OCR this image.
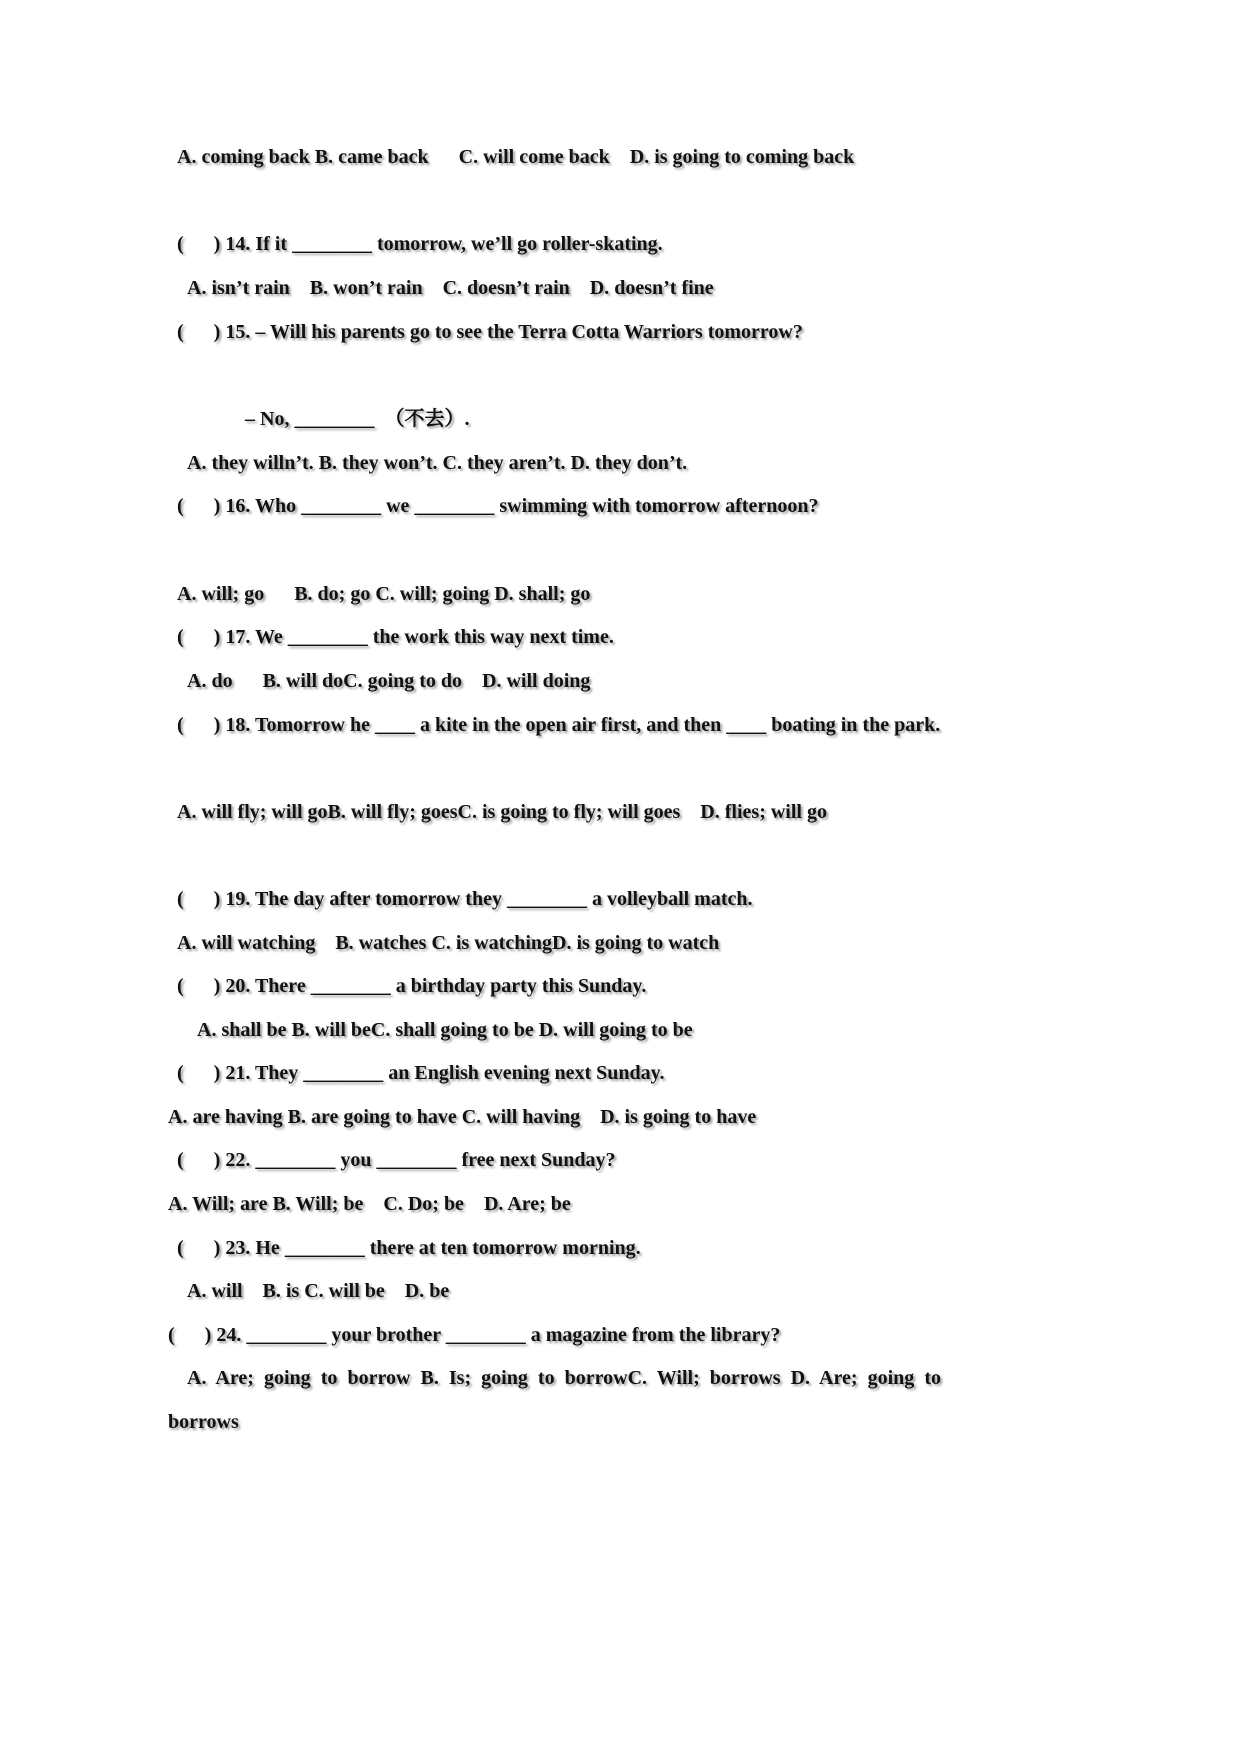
A. coming back B. came back      C. will come back    D. is going to coming back
(      ) 14. If it ________ tomorrow, we’ll go roller-skating.
A. isn’t rain    B. won’t rain    C. doesn’t rain    D. doesn’t fine
(      ) 15. – Will his parents go to see the Terra Cotta Warriors tomorrow?
– No, ________  （不去）.
A. they willn’t. B. they won’t. C. they aren’t. D. they don’t.
(      ) 16. Who ________ we ________ swimming with tomorrow afternoon?
A. will; go      B. do; go C. will; going D. shall; go
(      ) 17. We ________ the work this way next time.
A. do      B. will doC. going to do    D. will doing
(      ) 18. Tomorrow he ____ a kite in the open air first, and then ____ boating in the park.
A. will fly; will goB. will fly; goesC. is going to fly; will goes    D. flies; will go
(      ) 19. The day after tomorrow they ________ a volleyball match.
A. will watching    B. watches C. is watchingD. is going to watch
(      ) 20. There ________ a birthday party this Sunday.
A. shall be B. will beC. shall going to be D. will going to be
(      ) 21. They ________ an English evening next Sunday.
A. are having B. are going to have C. will having    D. is going to have
(      ) 22. ________ you ________ free next Sunday?
A. Will; are B. Will; be    C. Do; be    D. Are; be
(      ) 23. He ________ there at ten tomorrow morning.
A. will    B. is C. will be    D. be
(      ) 24. ________ your brother ________ a magazine from the library?
A. Are; going to borrow B. Is; going to borrowC. Will; borrows D. Are; going to
borrows
